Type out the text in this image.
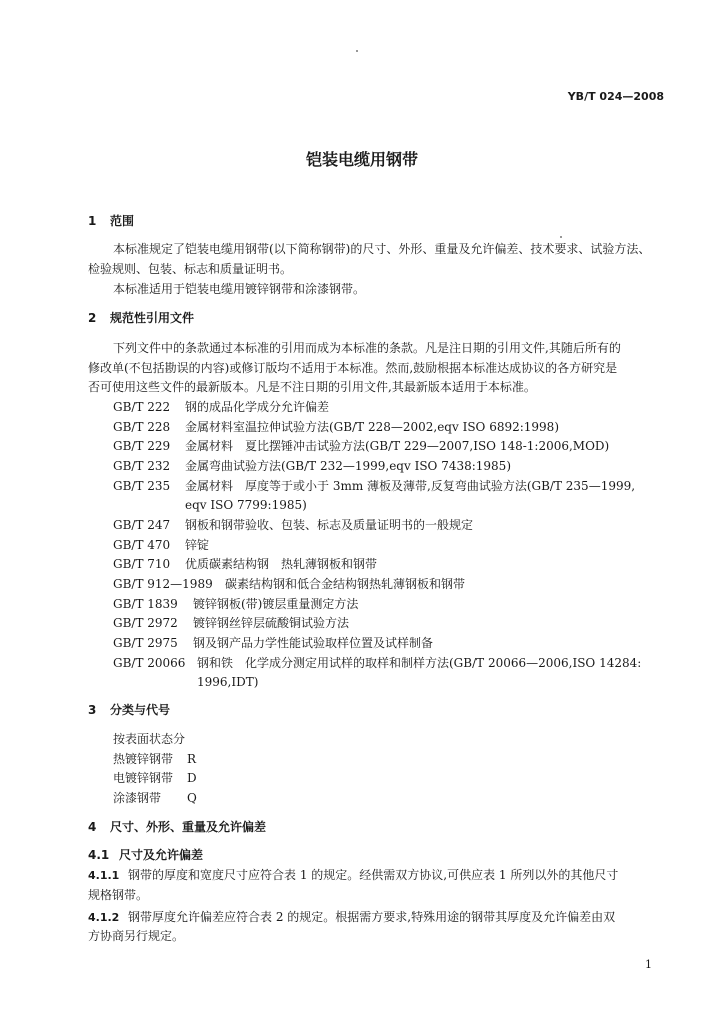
YB/T 024—2008
铠装电缆用钢带
1 范围
本标准规定了铠装电缆用钢带(以下简称钢带)的尺寸、外形、重量及允许偏差、技术要求、试验方法、
检验规则、包装、标志和质量证明书。
本标准适用于铠装电缆用镀锌钢带和涂漆钢带。
2 规范性引用文件
下列文件中的条款通过本标准的引用而成为本标准的条款。凡是注日期的引用文件,其随后所有的
修改单(不包括勘误的内容)或修订版均不适用于本标准。然而,鼓励根据本标准达成协议的各方研究是
否可使用这些文件的最新版本。凡是不注日期的引用文件,其最新版本适用于本标准。
GB/T 222 钢的成品化学成分允许偏差
GB/T 228 金属材料室温拉伸试验方法(GB/T 228—2002,eqv ISO 6892:1998)
GB/T 229 金属材料　夏比摆锤冲击试验方法(GB/T 229—2007,ISO 148-1:2006,MOD)
GB/T 232 金属弯曲试验方法(GB/T 232—1999,eqv ISO 7438:1985)
GB/T 235 金属材料　厚度等于或小于 3mm 薄板及薄带,反复弯曲试验方法(GB/T 235—1999,
eqv ISO 7799:1985)
GB/T 247 钢板和钢带验收、包装、标志及质量证明书的一般规定
GB/T 470 锌锭
GB/T 710 优质碳素结构钢　热轧薄钢板和钢带
GB/T 912—1989 碳素结构钢和低合金结构钢热轧薄钢板和钢带
GB/T 1839 镀锌钢板(带)镀层重量测定方法
GB/T 2972 镀锌钢丝锌层硫酸铜试验方法
GB/T 2975 钢及钢产品力学性能试验取样位置及试样制备
GB/T 20066 钢和铁　化学成分测定用试样的取样和制样方法(GB/T 20066—2006,ISO 14284:
1996,IDT)
3 分类与代号
按表面状态分
热镀锌钢带 R
电镀锌钢带 D
涂漆钢带 Q
4 尺寸、外形、重量及允许偏差
4.1 尺寸及允许偏差
4.1.1 钢带的厚度和宽度尺寸应符合表 1 的规定。经供需双方协议,可供应表 1 所列以外的其他尺寸
规格钢带。
4.1.2 钢带厚度允许偏差应符合表 2 的规定。根据需方要求,特殊用途的钢带其厚度及允许偏差由双
方协商另行规定。
1
